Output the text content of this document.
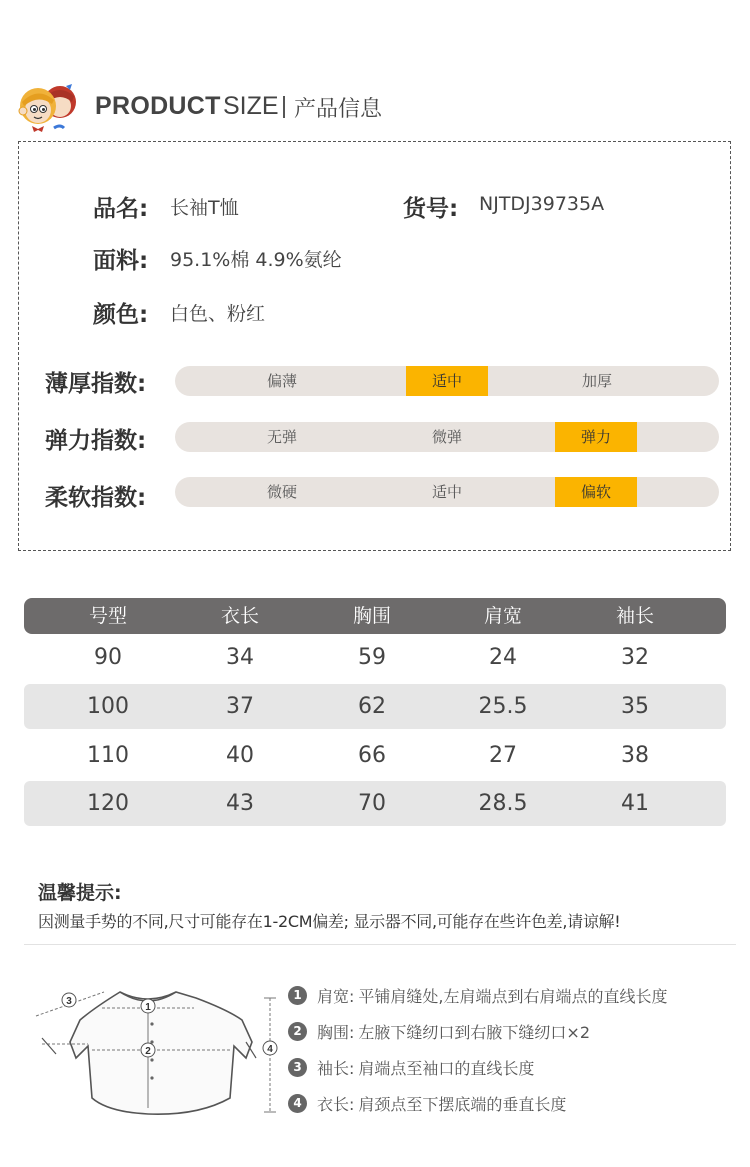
PRODUCT SIZE 产品信息
品名: 长袖T恤	货号: NJTDJ39735A
面料: 95.1%棉 4.9%氨纶
颜色: 白色、粉红
薄厚指数:	偏薄	适中	加厚
弹力指数:	无弹	微弹	弹力
柔软指数:	微硬	适中	偏软
号型	衣长	胸围	肩宽	袖长
90	34	59	24	32
100	37	62	25.5	35
110	40	66	27	38
120	43	70	28.5	41
温馨提示:
因测量手势的不同,尺寸可能存在1-2CM偏差; 显示器不同,可能存在些许色差,请谅解!
3
1
2	4
1 肩宽: 平铺肩缝处,左肩端点到右肩端点的直线长度
2 胸围: 左腋下缝纫口到右腋下缝纫口×2
3 袖长: 肩端点至袖口的直线长度
4 衣长: 肩颈点至下摆底端的垂直长度
